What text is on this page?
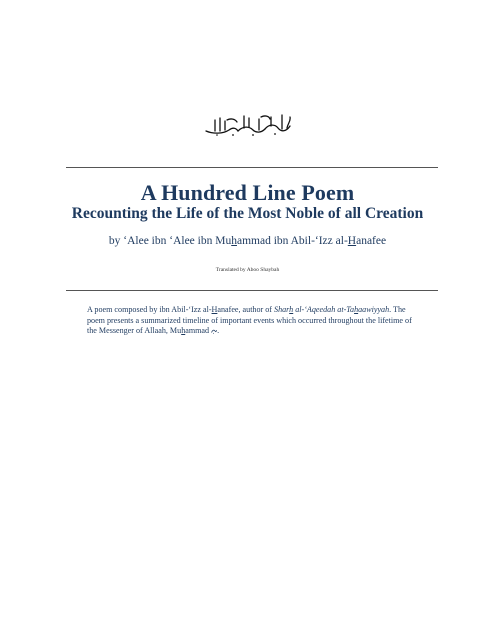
A Hundred Line Poem
Recounting the Life of the Most Noble of all Creation
by ‘Alee ibn ‘Alee ibn Muhammad ibn Abil-‘Izz al-Hanafee
Translated by Aboo Shaybah
A poem composed by ibn Abil-‘Izz al-Hanafee, author of Sharh al-‘Aqeedah at-Tahaawiyyah. The poem presents a summarized timeline of important events which occurred throughout the lifetime of the Messenger of Allaah, Muhammad .
